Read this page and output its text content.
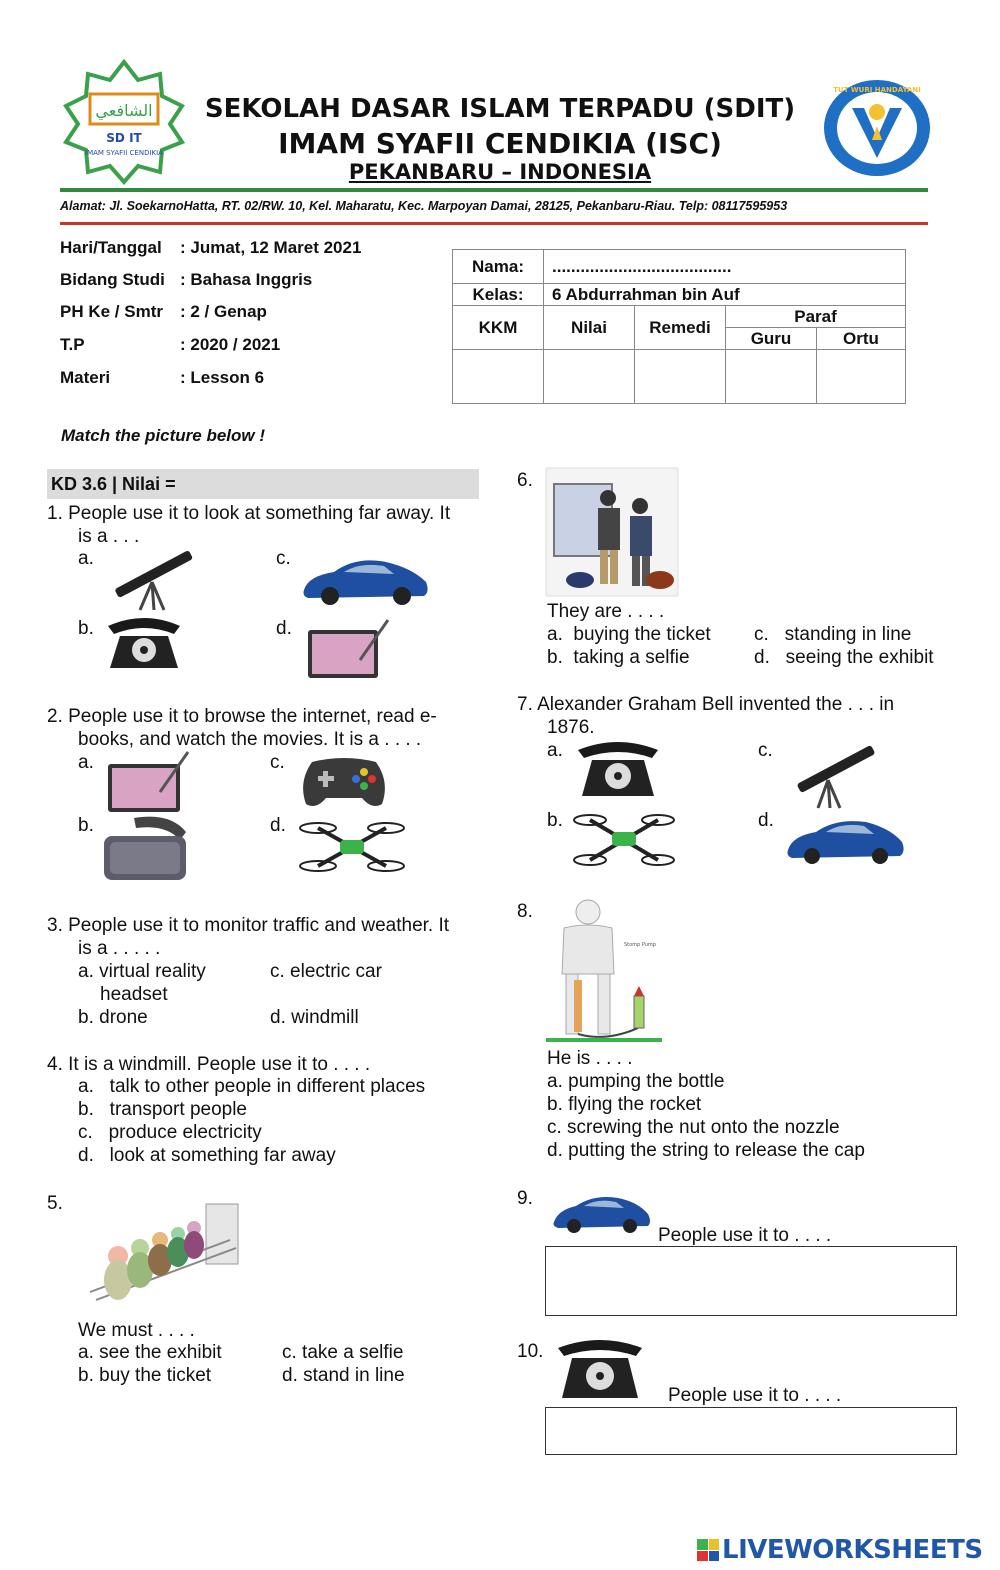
الشافعي
SD IT
IMAM SYAFII CENDIKIA
SEKOLAH DASAR ISLAM TERPADU (SDIT)
IMAM SYAFII CENDIKIA (ISC)
PEKANBARU – INDONESIA
TUT WURI HANDAYANI
Alamat: Jl. SoekarnoHatta, RT. 02/RW. 10, Kel. Maharatu, Kec. Marpoyan Damai, 28125, Pekanbaru-Riau. Telp: 08117595953
Hari/Tanggal : Jumat, 12 Maret 2021
Bidang Studi : Bahasa Inggris
PH Ke / Smtr : 2 / Genap
T.P	: 2020 / 2021
Materi	: Lesson 6
Nama:	......................................			
Kelas:	6 Abdurrahman bin Auf			
KKM	Nilai	Remedi	Paraf	
			Guru	Ortu

Match the picture below !
KD 3.6 | Nilai =
1. People use it to look at something far away. It
is a . . .
a.
b.
c.
d.
2. People use it to browse the internet, read e-
books, and watch the movies. It is a . . . .
a.
b.
c.
d.
3. People use it to monitor traffic and weather. It
is a . . . . .
a. virtual reality
headset
b. drone
c. electric car
d. windmill
4. It is a windmill. People use it to . . . .
a.   talk to other people in different places
b.   transport people
c.   produce electricity
d.   look at something far away
5.
We must . . . .
a. see the exhibit
b. buy the ticket
c. take a selfie
d. stand in line
6.
They are . . . .
a.  buying the ticket
b.  taking a selfie
c.   standing in line
d.   seeing the exhibit
7. Alexander Graham Bell invented the . . . in
1876.
a.
b.
c.
d.
8.
Stomp Pump
He is . . . .
a. pumping the bottle
b. flying the rocket
c. screwing the nut onto the nozzle
d. putting the string to release the cap
9.
People use it to . . . .
10.
People use it to . . . .
LIVEWORKSHEETS
